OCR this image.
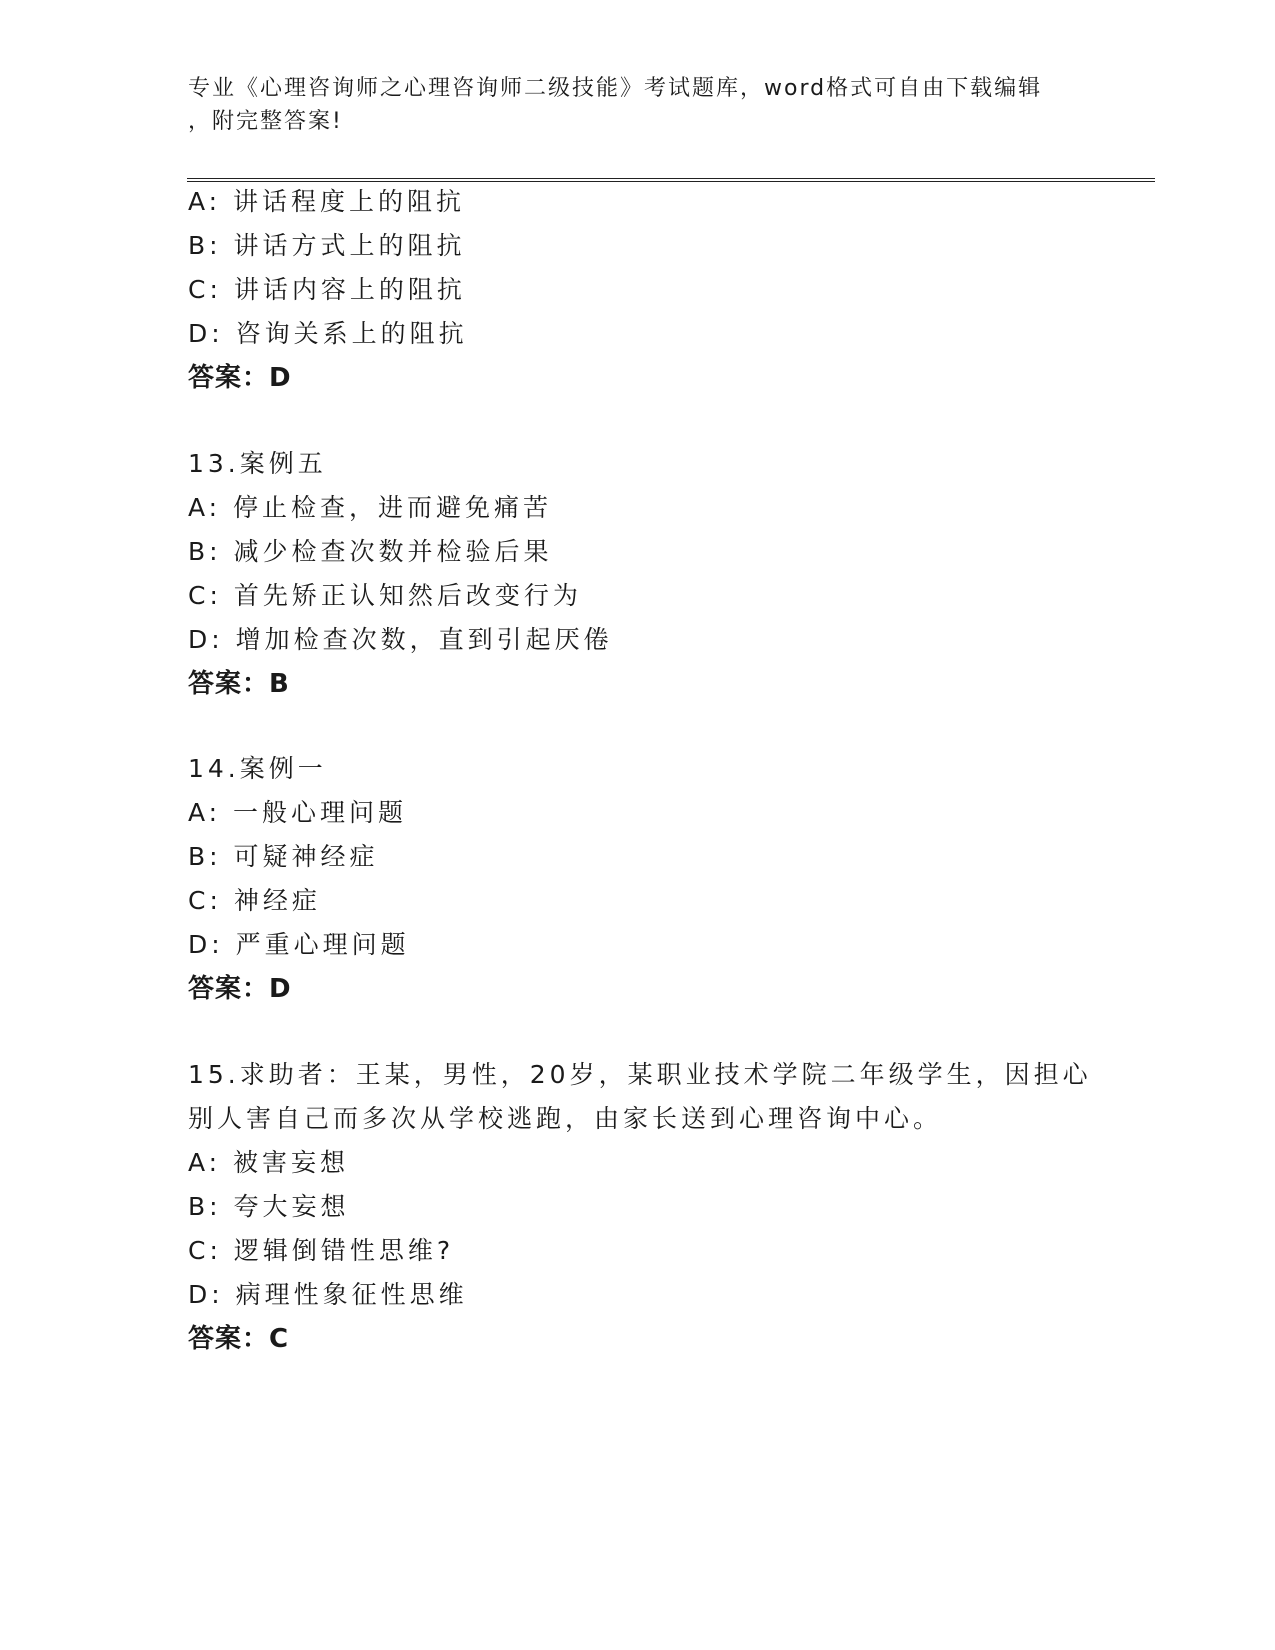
专业《心理咨询师之心理咨询师二级技能》考试题库，word格式可自由下载编辑
，附完整答案!
A: 讲话程度上的阻抗
B: 讲话方式上的阻抗
C: 讲话内容上的阻抗
D: 咨询关系上的阻抗
答案：D
13.案例五
A: 停止检查，进而避免痛苦
B: 减少检查次数并检验后果
C: 首先矫正认知然后改变行为
D: 增加检查次数，直到引起厌倦
答案：B
14.案例一
A: 一般心理问题
B: 可疑神经症
C: 神经症
D: 严重心理问题
答案：D
15.求助者：王某，男性，20岁，某职业技术学院二年级学生，因担心
别人害自己而多次从学校逃跑，由家长送到心理咨询中心。
A: 被害妄想
B: 夸大妄想
C: 逻辑倒错性思维?
D: 病理性象征性思维
答案：C
